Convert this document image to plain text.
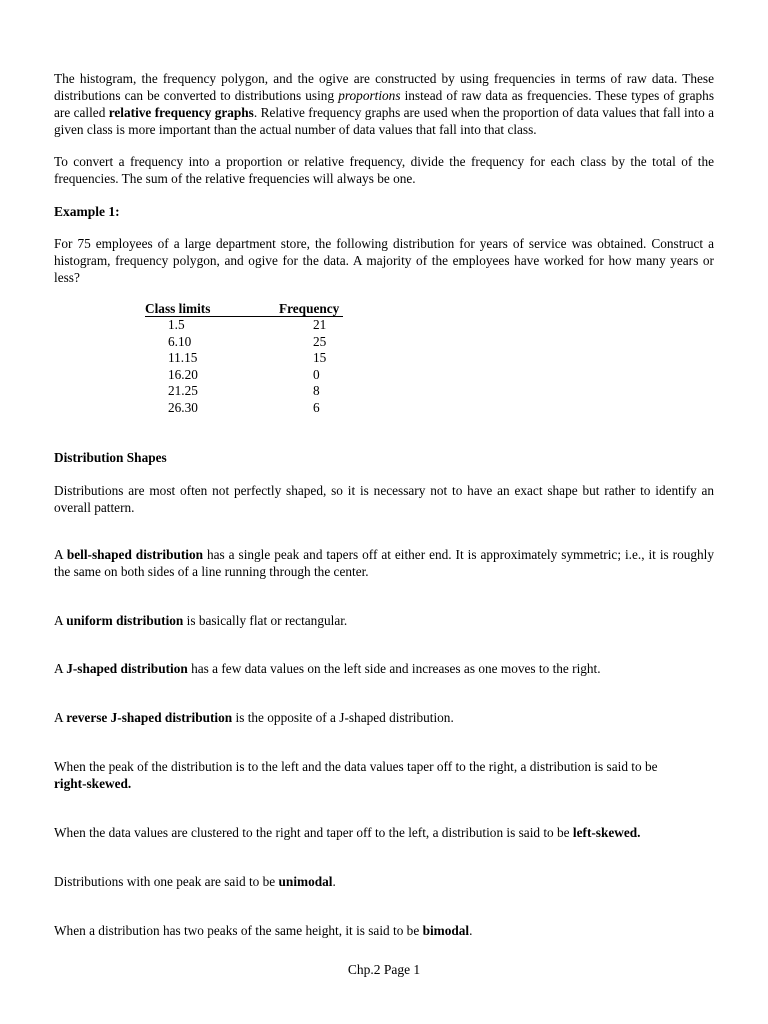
The histogram, the frequency polygon, and the ogive are constructed by using frequencies in terms of raw data. These distributions can be converted to distributions using proportions instead of raw data as frequencies. These types of graphs are called relative frequency graphs. Relative frequency graphs are used when the proportion of data values that fall into a given class is more important than the actual number of data values that fall into that class.

To convert a frequency into a proportion or relative frequency, divide the frequency for each class by the total of the frequencies. The sum of the relative frequencies will always be one.

Example 1:

For 75 employees of a large department store, the following distribution for years of service was obtained. Construct a histogram, frequency polygon, and ogive for the data. A majority of the employees have worked for how many years or less?

Class limits	Frequency
1.5	21
6.10	25
11.15	15
16.20	0
21.25	8
26.30	6

Distribution Shapes

Distributions are most often not perfectly shaped, so it is necessary not to have an exact shape but rather to identify an overall pattern.

A bell-shaped distribution has a single peak and tapers off at either end. It is approximately symmetric; i.e., it is roughly the same on both sides of a line running through the center.

A uniform distribution is basically flat or rectangular.

A J-shaped distribution has a few data values on the left side and increases as one moves to the right.

A reverse J-shaped distribution is the opposite of a J-shaped distribution.

When the peak of the distribution is to the left and the data values taper off to the right, a distribution is said to be
right-skewed.

When the data values are clustered to the right and taper off to the left, a distribution is said to be left-skewed.

Distributions with one peak are said to be unimodal.

When a distribution has two peaks of the same height, it is said to be bimodal.

Chp.2 Page 1
